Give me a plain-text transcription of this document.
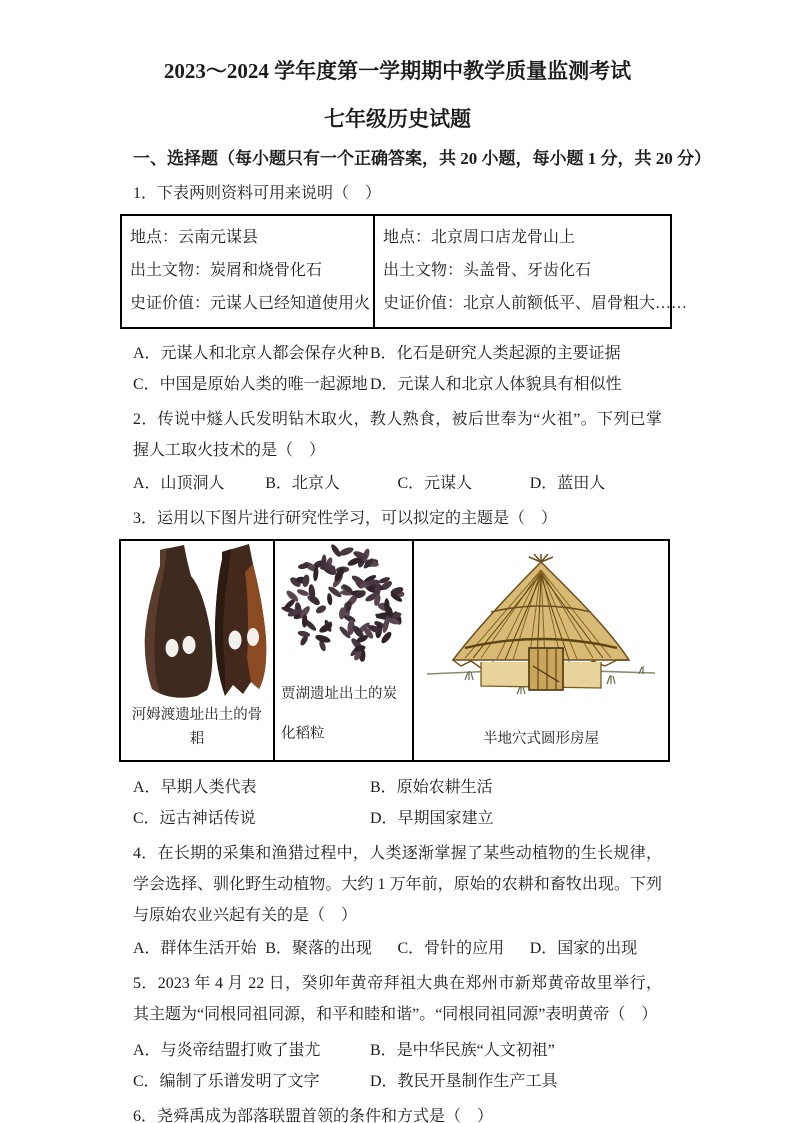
2023～2024 学年度第一学期期中教学质量监测考试
七年级历史试题
一、选择题（每小题只有一个正确答案，共 20 小题，每小题 1 分，共 20 分）

1．下表两则资料可用来说明（　）

地点：云南元谋县
出土文物：炭屑和烧骨化石
史证价值：元谋人已经知道使用火

地点：北京周口店龙骨山上
出土文物：头盖骨、牙齿化石
史证价值：北京人前额低平、眉骨粗大……
A．元谋人和北京人都会保存火种 B．化石是研究人类起源的主要证据
C．中国是原始人类的唯一起源地 D．元谋人和北京人体貌具有相似性

2．传说中燧人氏发明钻木取火，教人熟食，被后世奉为“火祖”。下列已掌握人工取火技术的是（　）

A．山顶洞人	B．北京人	C．元谋人	D．蓝田人

3．运用以下图片进行研究性学习，可以拟定的主题是（　）

河姆渡遗址出土的骨耜
贾湖遗址出土的炭化稻粒	半地穴式圆形房屋
A．早期人类代表	B．原始农耕生活
C．远古神话传说	D．早期国家建立

4．在长期的采集和渔猎过程中，人类逐渐掌握了某些动植物的生长规律，学会选择、驯化野生动植物。大约 1 万年前，原始的农耕和畜牧出现。下列与原始农业兴起有关的是（　）

A．群体生活开始 B．聚落的出现	C．骨针的应用	D．国家的出现

5．2023 年 4 月 22 日，癸卯年黄帝拜祖大典在郑州市新郑黄帝故里举行，其主题为“同根同祖同源，和平和睦和谐”。“同根同祖同源”表明黄帝（　）

A．与炎帝结盟打败了蚩尤	B．是中华民族“人文初祖”
C．编制了乐谱发明了文字	D．教民开垦制作生产工具

6．尧舜禹成为部落联盟首领的条件和方式是（　）
